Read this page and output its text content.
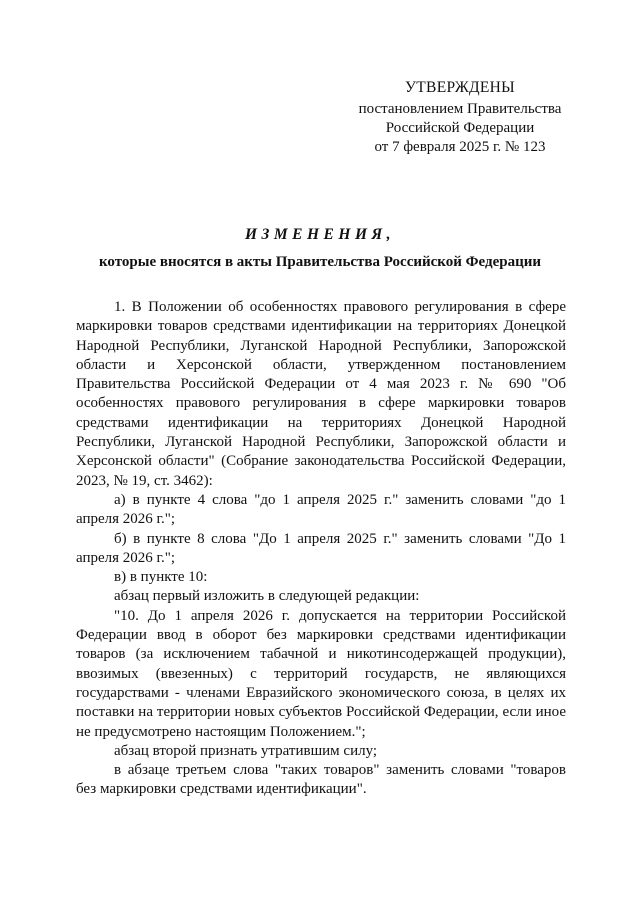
УТВЕРЖДЕНЫ
постановлением Правительства
Российской Федерации
от 7 февраля 2025 г. № 123
ИЗМЕНЕНИЯ,
которые вносятся в акты Правительства Российской Федерации

1. В Положении об особенностях правового регулирования в сфере маркировки товаров средствами идентификации на территориях Донецкой Народной Республики, Луганской Народной Республики, Запорожской области и Херсонской области, утвержденном постановлением Правительства Российской Федерации от 4 мая 2023 г. № 690 "Об особенностях правового регулирования в сфере маркировки товаров средствами идентификации на территориях Донецкой Народной Республики, Луганской Народной Республики, Запорожской области и Херсонской области" (Собрание законодательства Российской Федерации, 2023, № 19, ст. 3462):

а) в пункте 4 слова "до 1 апреля 2025 г." заменить словами "до 1 апреля 2026 г.";

б) в пункте 8 слова "До 1 апреля 2025 г." заменить словами "До 1 апреля 2026 г.";

в) в пункте 10:

абзац первый изложить в следующей редакции:

"10. До 1 апреля 2026 г. допускается на территории Российской Федерации ввод в оборот без маркировки средствами идентификации товаров (за исключением табачной и никотинсодержащей продукции), ввозимых (ввезенных) с территорий государств, не являющихся государствами - членами Евразийского экономического союза, в целях их поставки на территории новых субъектов Российской Федерации, если иное не предусмотрено настоящим Положением.";

абзац второй признать утратившим силу;

в абзаце третьем слова "таких товаров" заменить словами "товаров без маркировки средствами идентификации".
